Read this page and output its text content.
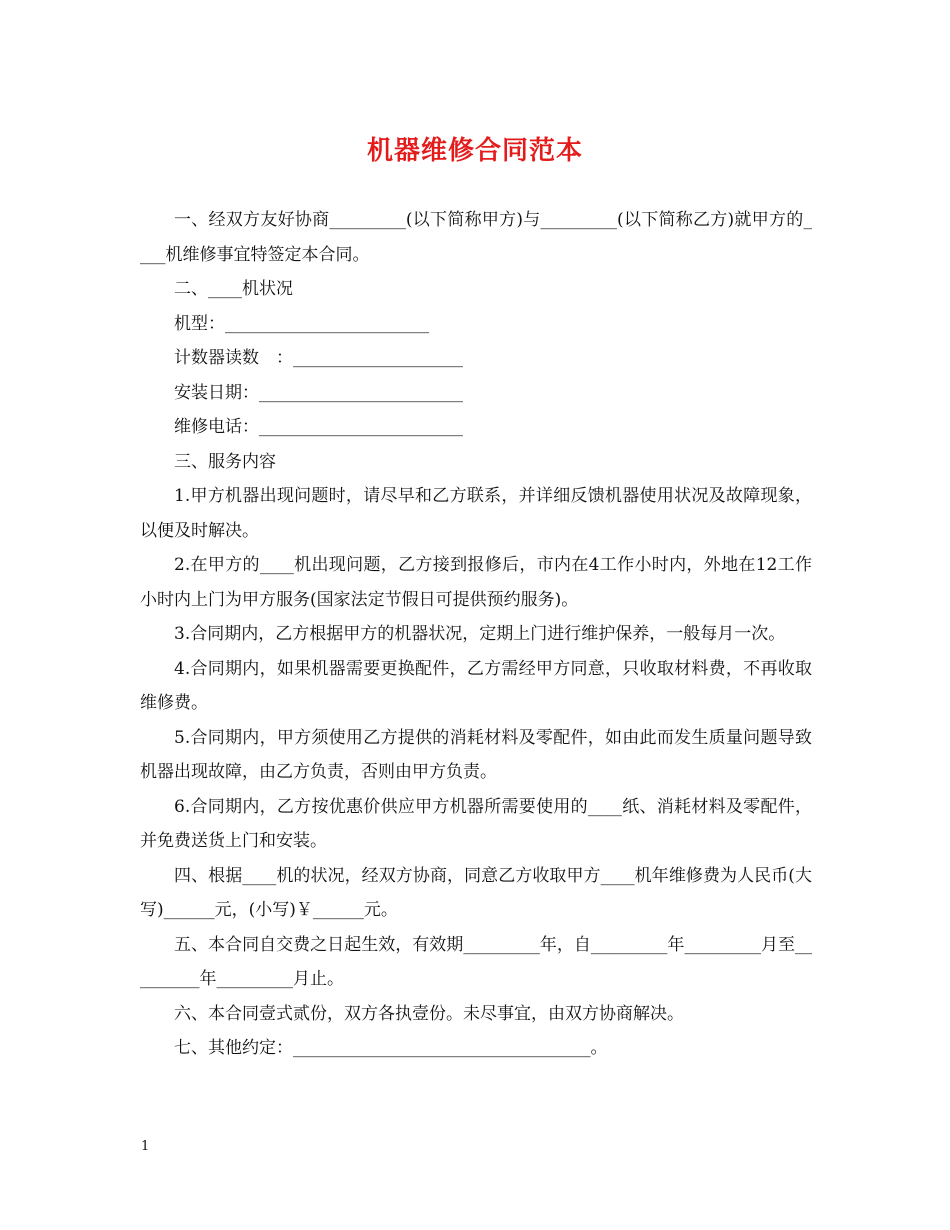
机器维修合同范本

一、经双方友好协商_________(以下简称甲方)与_________(以下简称乙方)就甲方的____机维修事宜特签定本合同。

二、____机状况

机型：________________________

计数器读数　：____________________

安装日期：________________________

维修电话：________________________

三、服务内容

1.甲方机器出现问题时，请尽早和乙方联系，并详细反馈机器使用状况及故障现象，以便及时解决。

2.在甲方的____机出现问题，乙方接到报修后，市内在4工作小时内，外地在12工作小时内上门为甲方服务(国家法定节假日可提供预约服务)。

3.合同期内，乙方根据甲方的机器状况，定期上门进行维护保养，一般每月一次。

4.合同期内，如果机器需要更换配件，乙方需经甲方同意，只收取材料费，不再收取维修费。

5.合同期内，甲方须使用乙方提供的消耗材料及零配件，如由此而发生质量问题导致机器出现故障，由乙方负责，否则由甲方负责。

6.合同期内，乙方按优惠价供应甲方机器所需要使用的____纸、消耗材料及零配件，并免费送货上门和安装。

四、根据____机的状况，经双方协商，同意乙方收取甲方____机年维修费为人民币(大写)______元，(小写)￥______元。

五、本合同自交费之日起生效，有效期_________年，自_________年_________月至_________年_________月止。

六、本合同壹式贰份，双方各执壹份。未尽事宜，由双方协商解决。

七、其他约定：___________________________________。

1
